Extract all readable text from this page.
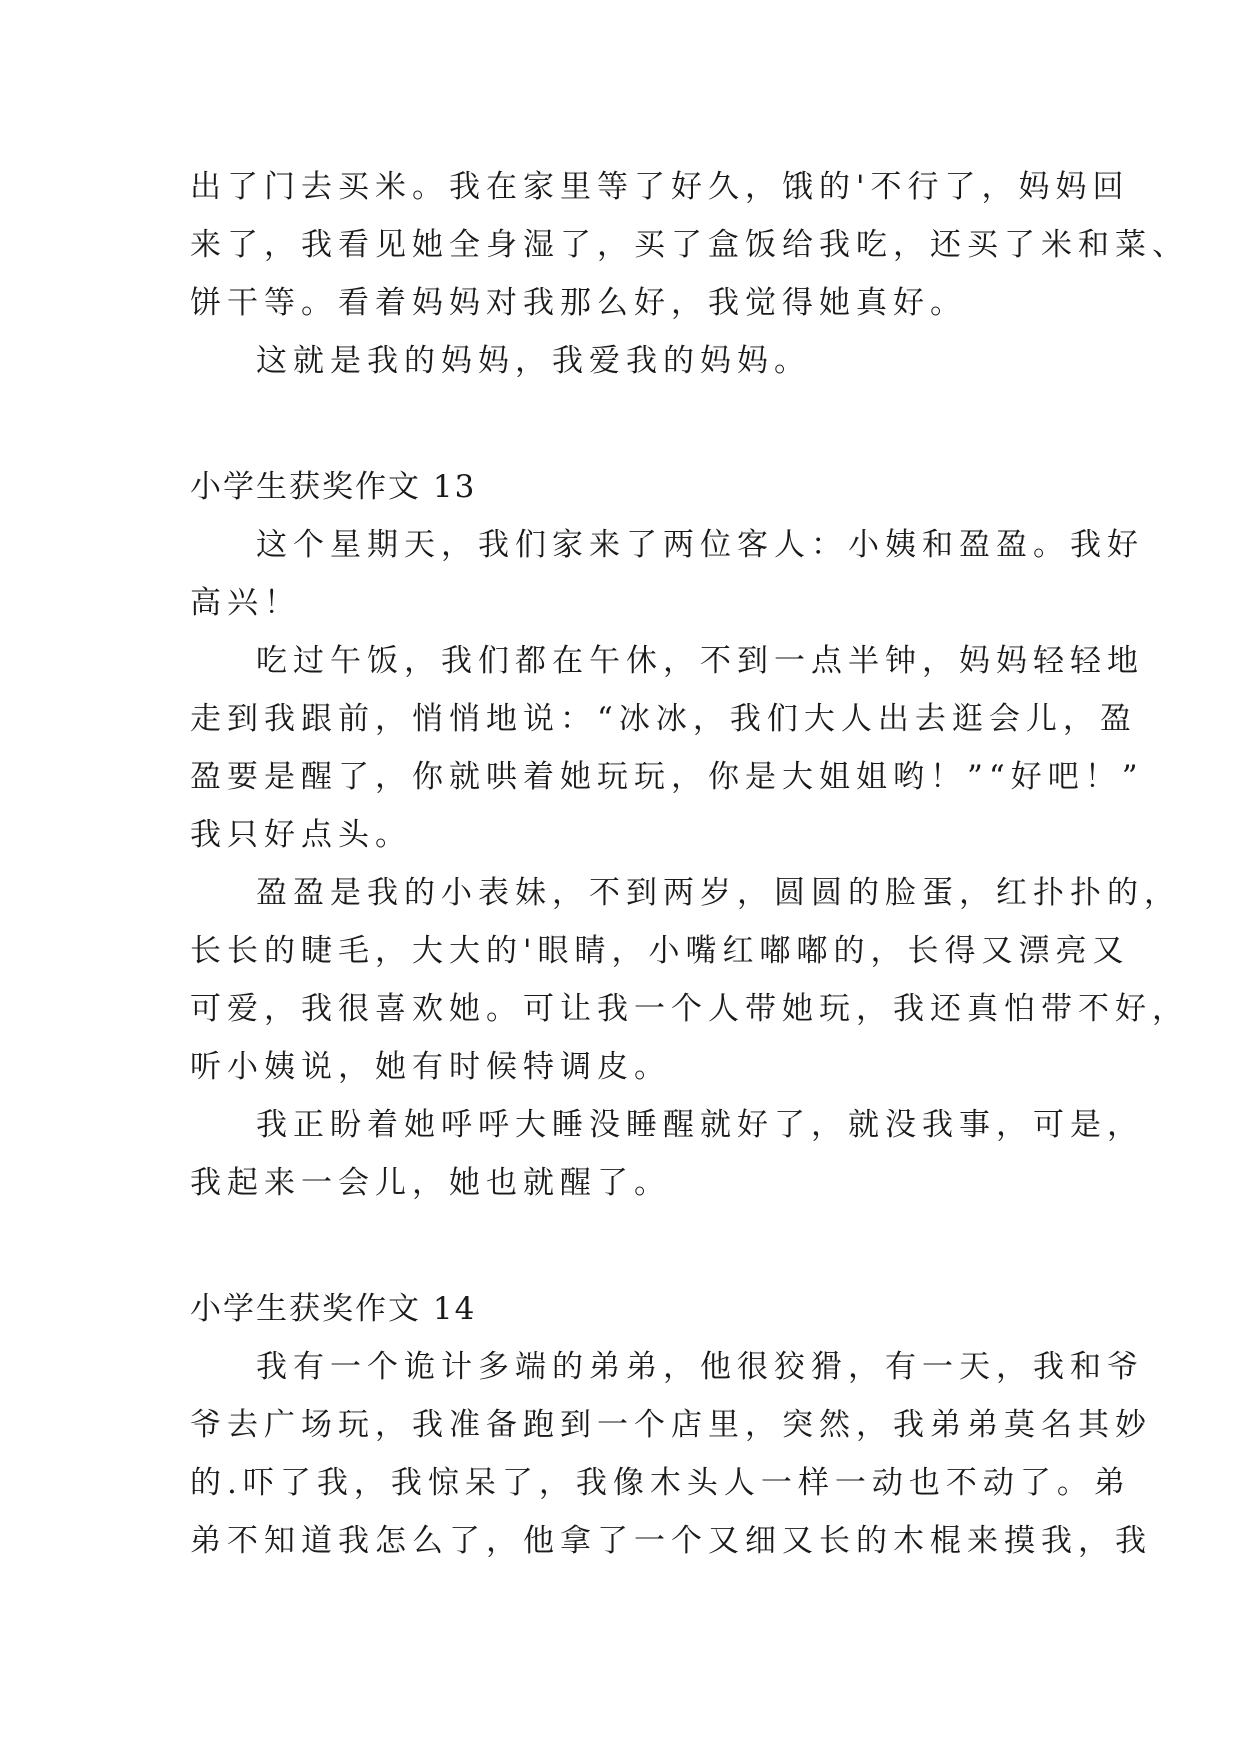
出了门去买米。我在家里等了好久，饿的'不行了，妈妈回
来了，我看见她全身湿了，买了盒饭给我吃，还买了米和菜、
饼干等。看着妈妈对我那么好，我觉得她真好。
这就是我的妈妈，我爱我的妈妈。
小学生获奖作文 13
这个星期天，我们家来了两位客人：小姨和盈盈。我好
高兴！
吃过午饭，我们都在午休，不到一点半钟，妈妈轻轻地
走到我跟前，悄悄地说：“冰冰，我们大人出去逛会儿，盈
盈要是醒了，你就哄着她玩玩，你是大姐姐哟！”“好吧！”
我只好点头。
盈盈是我的小表妹，不到两岁，圆圆的脸蛋，红扑扑的，
长长的睫毛，大大的'眼睛，小嘴红嘟嘟的，长得又漂亮又
可爱，我很喜欢她。可让我一个人带她玩，我还真怕带不好，
听小姨说，她有时候特调皮。
我正盼着她呼呼大睡没睡醒就好了，就没我事，可是，
我起来一会儿，她也就醒了。
小学生获奖作文 14
我有一个诡计多端的弟弟，他很狡猾，有一天，我和爷
爷去广场玩，我准备跑到一个店里，突然，我弟弟莫名其妙
的.吓了我，我惊呆了，我像木头人一样一动也不动了。弟
弟不知道我怎么了，他拿了一个又细又长的木棍来摸我，我
